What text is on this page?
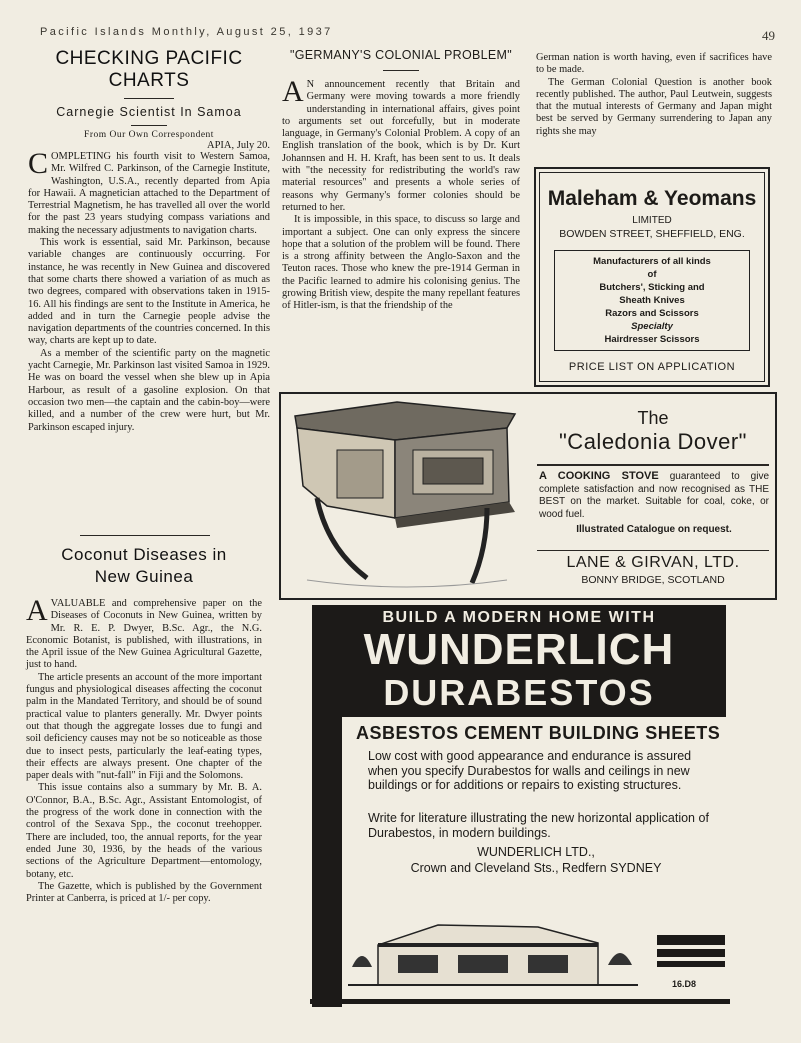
Pacific Islands Monthly, August 25, 1937	49
CHECKING PACIFIC
CHARTS
Carnegie Scientist In Samoa
From Our Own Correspondent
APIA, July 20.

COMPLETING his fourth visit to Western Samoa, Mr. Wilfred C. Parkinson, of the Carnegie Institute, Washington, U.S.A., recently departed from Apia for Hawaii. A magnetician attached to the Department of Terrestrial Magnetism, he has travelled all over the world for the past 23 years studying compass variations and making the necessary adjustments to navigation charts.

This work is essential, said Mr. Parkinson, because variable changes are continuously occurring. For instance, he was recently in New Guinea and discovered that some charts there showed a variation of as much as two degrees, compared with observations taken in 1915-16. All his findings are sent to the Institute in America, he added and in turn the Carnegie people advise the navigation departments of the countries concerned. In this way, charts are kept up to date.

As a member of the scientific party on the magnetic yacht Carnegie, Mr. Parkinson last visited Samoa in 1929. He was on board the vessel when she blew up in Apia Harbour, as result of a gasoline explosion. On that occasion two men—the captain and the cabin-boy—were killed, and a number of the crew were hurt, but Mr. Parkinson escaped injury.

Coconut Diseases in
New Guinea

AVALUABLE and comprehensive paper on the Diseases of Coconuts in New Guinea, written by Mr. R. E. P. Dwyer, B.Sc. Agr., the N.G. Economic Botanist, is published, with illustrations, in the April issue of the New Guinea Agricultural Gazette, just to hand.

The article presents an account of the more important fungus and physiological diseases affecting the coconut palm in the Mandated Territory, and should be of sound practical value to planters generally. Mr. Dwyer points out that though the aggregate losses due to fungi and soil deficiency causes may not be so noticeable as those due to insect pests, particularly the leaf-eating types, their effects are always present. One chapter of the paper deals with "nut-fall" in Fiji and the Solomons.

This issue contains also a summary by Mr. B. A. O'Connor, B.A., B.Sc. Agr., Assistant Entomologist, of the progress of the work done in connection with the control of the Sexava Spp., the coconut treehopper. There are included, too, the annual reports, for the year ended June 30, 1936, by the heads of the various sections of the Agriculture Department—entomology, botany, etc.

The Gazette, which is published by the Government Printer at Canberra, is priced at 1/- per copy.

"GERMANY'S COLONIAL PROBLEM"

A N announcement recently that Britain and Germany were moving towards a more friendly understanding in international affairs, gives point to arguments set out forcefully, but in moderate language, in Germany's Colonial Problem. A copy of an English translation of the book, which is by Dr. Kurt Johannsen and H. H. Kraft, has been sent to us. It deals with "the necessity for redistributing the world's raw material resources" and presents a whole series of reasons why Germany's former colonies should be returned to her.

It is impossible, in this space, to discuss so large and important a subject. One can only express the sincere hope that a solution of the problem will be found. There is a strong affinity between the Anglo-Saxon and the Teuton races. Those who knew the pre-1914 German in the Pacific learned to admire his colonising genius. The growing British view, despite the many repellant features of Hitler-ism, is that the friendship of the

German nation is worth having, even if sacrifices have to be made.

The German Colonial Question is another book recently published. The author, Paul Leutwein, suggests that the mutual interests of Germany and Japan might best be served by Germany surrendering to Japan any rights she may

Maleham & Yeomans
LIMITED
BOWDEN STREET, SHEFFIELD, ENG.
Manufacturers of all kinds
of
Butchers', Sticking and
Sheath Knives
Razors and Scissors
Specialty
Hairdresser Scissors
PRICE LIST ON APPLICATION
The
"Caledonia Dover"
A COOKING STOVE guaranteed to give complete satisfaction and now recognised as THE BEST on the market. Suitable for coal, coke, or wood fuel.
Illustrated Catalogue on request.
LANE & GIRVAN, LTD.
BONNY BRIDGE, SCOTLAND
BUILD A MODERN HOME WITH
WUNDERLICH
DURABESTOS
ASBESTOS CEMENT BUILDING SHEETS
Low cost with good appearance and endurance is assured when you specify Durabestos for walls and ceilings in new buildings or for additions or repairs to existing structures.
Write for literature illustrating the new horizontal application of Durabestos, in modern buildings.
WUNDERLICH LTD.,
Crown and Cleveland Sts., Redfern SYDNEY
16.D8
